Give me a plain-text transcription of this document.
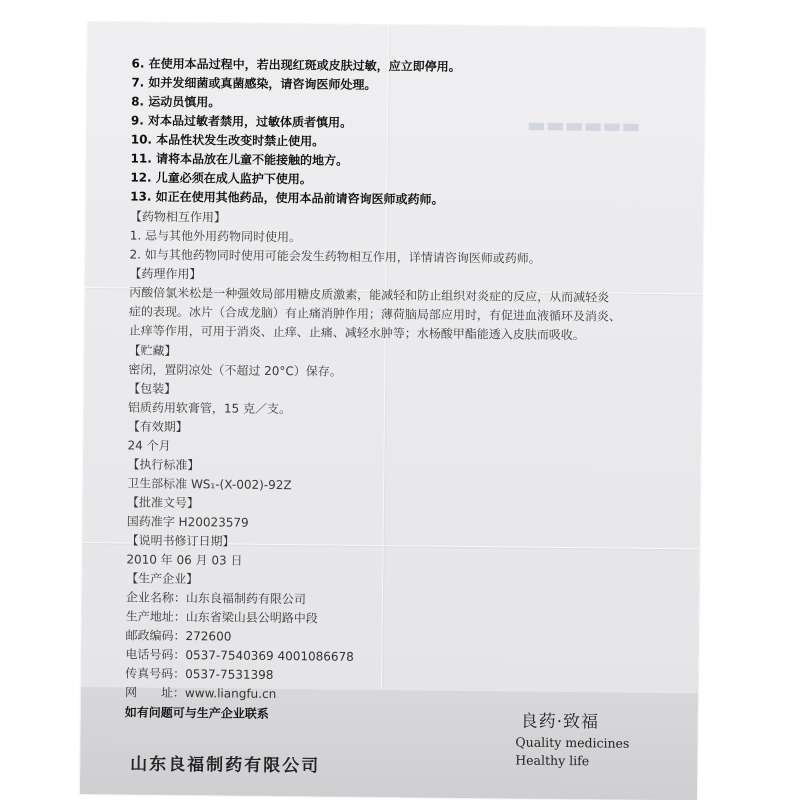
▬▬▬▬▬▬
6. 在使用本品过程中，若出现红斑或皮肤过敏，应立即停用。
7. 如并发细菌或真菌感染，请咨询医师处理。
8. 运动员慎用。
9. 对本品过敏者禁用，过敏体质者慎用。
10. 本品性状发生改变时禁止使用。
11. 请将本品放在儿童不能接触的地方。
12. 儿童必须在成人监护下使用。
13. 如正在使用其他药品，使用本品前请咨询医师或药师。
【药物相互作用】
1. 忌与其他外用药物同时使用。
2. 如与其他药物同时使用可能会发生药物相互作用，详情请咨询医师或药师。
【药理作用】
丙酸倍氯米松是一种强效局部用糖皮质激素，能减轻和防止组织对炎症的反应，从而减轻炎
症的表现。冰片（合成龙脑）有止痛消肿作用；薄荷脑局部应用时，有促进血液循环及消炎、
止痒等作用，可用于消炎、止痒、止痛、减轻水肿等；水杨酸甲酯能透入皮肤而吸收。
【贮藏】
密闭，置阴凉处（不超过 20°C）保存。
【包装】
铝质药用软膏管，15 克／支。
【有效期】
24 个月
【执行标准】
卫生部标准 WS₁-(X-002)-92Z
【批准文号】
国药准字 H20023579
【说明书修订日期】
2010 年 06 月 03 日
【生产企业】
企业名称：山东良福制药有限公司
生产地址：山东省梁山县公明路中段
邮政编码：272600
电话号码：0537-7540369 4001086678
传真号码：0537-7531398
网　　址：www.liangfu.cn
如有问题可与生产企业联系	良药·致福
Quality medicines
Healthy life
山东良福制药有限公司
